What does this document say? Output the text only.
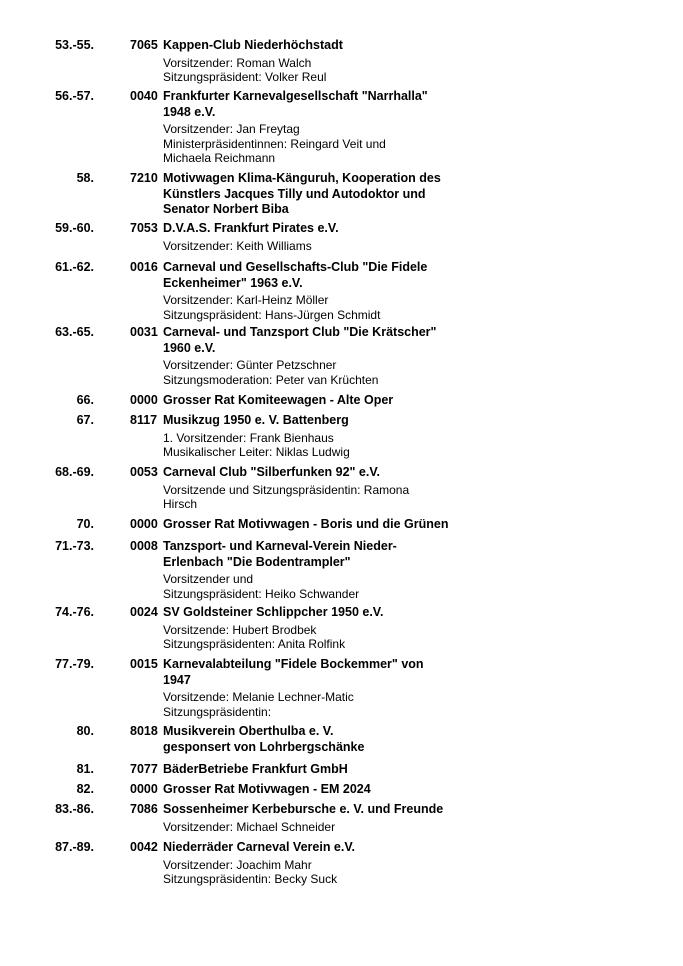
53.-55.	7065 Kappen-Club Niederhöchstadt
Vorsitzender: Roman Walch
Sitzungspräsident: Volker Reul
56.-57.	0040 Frankfurter Karnevalgesellschaft "Narrhalla"
1948 e.V.
Vorsitzender: Jan Freytag
Ministerpräsidentinnen: Reingard Veit und
Michaela Reichmann
58.	7210 Motivwagen Klima-Känguruh, Kooperation des
Künstlers Jacques Tilly und Autodoktor und
Senator Norbert Biba
59.-60.	7053 D.V.A.S. Frankfurt Pirates e.V.
Vorsitzender: Keith Williams
61.-62.	0016 Carneval und Gesellschafts-Club "Die Fidele
Eckenheimer" 1963 e.V.
Vorsitzender: Karl-Heinz Möller
Sitzungspräsident: Hans-Jürgen Schmidt
63.-65.	0031 Carneval- und Tanzsport Club "Die Krätscher"
1960 e.V.
Vorsitzender: Günter Petzschner
Sitzungsmoderation: Peter van Krüchten
66.	0000 Grosser Rat Komiteewagen - Alte Oper
67.	8117 Musikzug 1950 e. V. Battenberg
1. Vorsitzender: Frank Bienhaus
Musikalischer Leiter: Niklas Ludwig
68.-69.	0053 Carneval Club "Silberfunken 92" e.V.
Vorsitzende und Sitzungspräsidentin: Ramona
Hirsch
70.	0000 Grosser Rat Motivwagen - Boris und die Grünen
71.-73.	0008 Tanzsport- und Karneval-Verein Nieder-
Erlenbach "Die Bodentrampler"
Vorsitzender und
Sitzungspräsident: Heiko Schwander
74.-76.	0024 SV Goldsteiner Schlippcher 1950 e.V.
Vorsitzende: Hubert Brodbek
Sitzungspräsidenten: Anita Rolfink
77.-79.	0015 Karnevalabteilung "Fidele Bockemmer" von
1947
Vorsitzende: Melanie Lechner-Matic
Sitzungspräsidentin:
80.	8018 Musikverein Oberthulba e. V.
gesponsert von Lohrbergschänke
81.	7077 BäderBetriebe Frankfurt GmbH
82.	0000 Grosser Rat Motivwagen - EM 2024
83.-86.	7086 Sossenheimer Kerbebursche e. V. und Freunde
Vorsitzender: Michael Schneider
87.-89.	0042 Niederräder Carneval Verein e.V.
Vorsitzender: Joachim Mahr
Sitzungspräsidentin: Becky Suck
